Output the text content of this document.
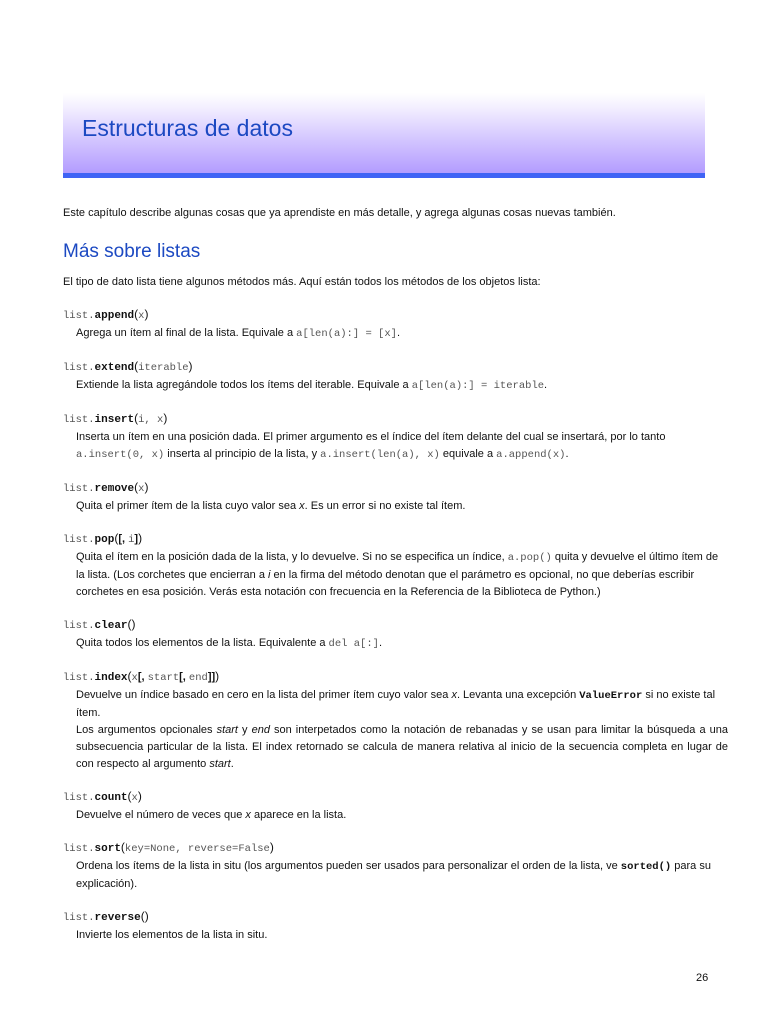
Estructuras de datos

Este capítulo describe algunas cosas que ya aprendiste en más detalle, y agrega algunas cosas nuevas también.

Más sobre listas

El tipo de dato lista tiene algunos métodos más. Aquí están todos los métodos de los objetos lista:

list.append(x)
Agrega un ítem al final de la lista. Equivale a a[len(a):] = [x].
list.extend(iterable)
Extiende la lista agregándole todos los ítems del iterable. Equivale a a[len(a):] = iterable.
list.insert(i, x)
Inserta un ítem en una posición dada. El primer argumento es el índice del ítem delante del cual se insertará, por lo tanto a.insert(0, x) inserta al principio de la lista, y a.insert(len(a), x) equivale a a.append(x).
list.remove(x)
Quita el primer ítem de la lista cuyo valor sea x. Es un error si no existe tal ítem.
list.pop([, i])
Quita el ítem en la posición dada de la lista, y lo devuelve. Si no se especifica un índice, a.pop() quita y devuelve el último ítem de la lista. (Los corchetes que encierran a i en la firma del método denotan que el parámetro es opcional, no que deberías escribir corchetes en esa posición. Verás esta notación con frecuencia en la Referencia de la Biblioteca de Python.)
list.clear()
Quita todos los elementos de la lista. Equivalente a del a[:].
list.index(x[, start[, end]])

Devuelve un índice basado en cero en la lista del primer ítem cuyo valor sea x. Levanta una excepción ValueError si no existe tal ítem.

Los argumentos opcionales start y end son interpetados como la notación de rebanadas y se usan para limitar la búsqueda a una subsecuencia particular de la lista. El index retornado se calcula de manera relativa al inicio de la secuencia completa en lugar de con respecto al argumento start.

list.count(x)
Devuelve el número de veces que x aparece en la lista.
list.sort(key=None, reverse=False)
Ordena los ítems de la lista in situ (los argumentos pueden ser usados para personalizar el orden de la lista, ve sorted() para su explicación).
list.reverse()
Invierte los elementos de la lista in situ.
26
